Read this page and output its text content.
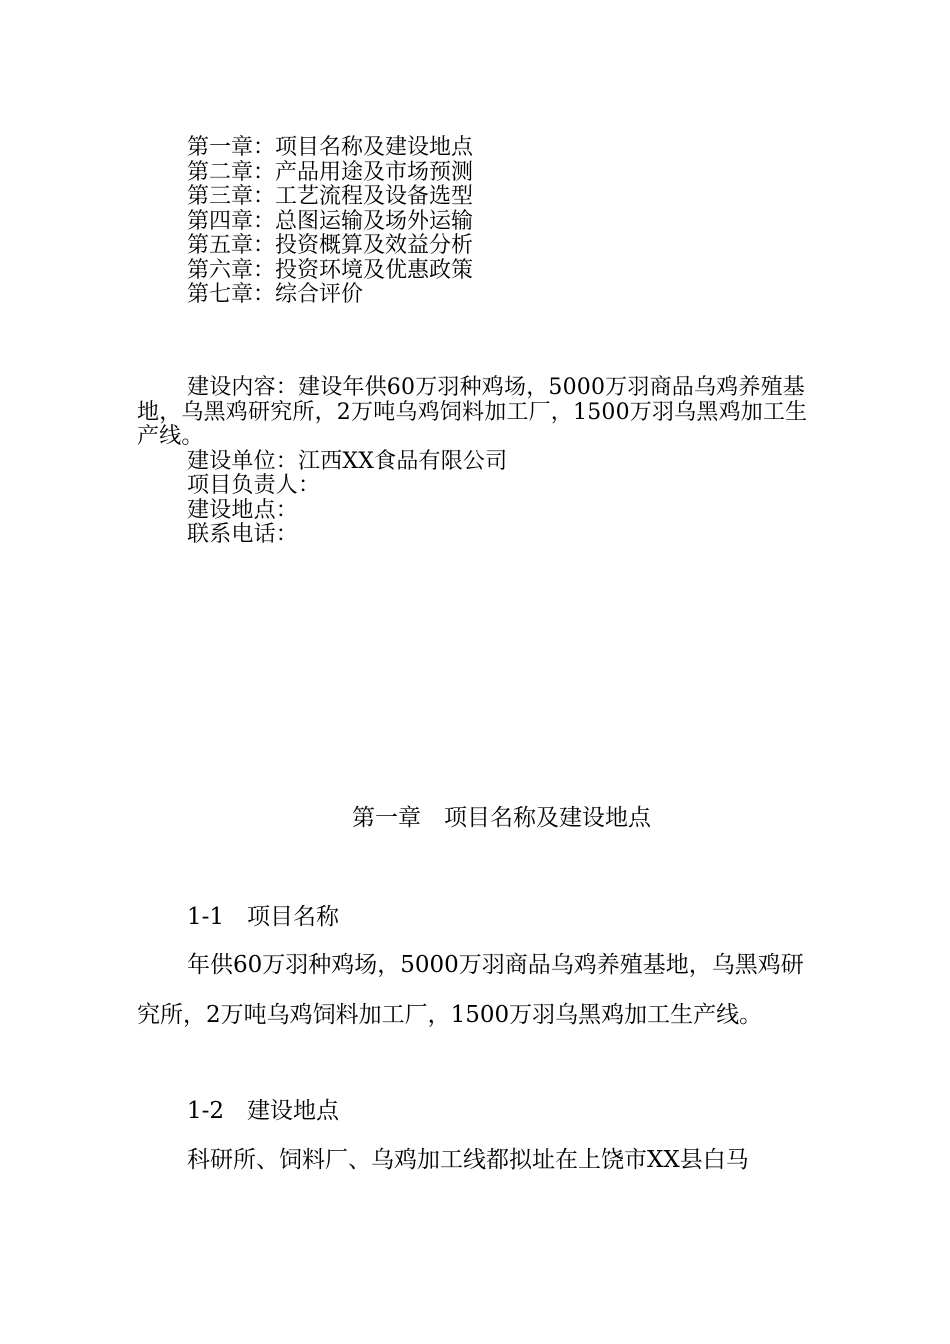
第一章：项目名称及建设地点
第二章：产品用途及市场预测
第三章：工艺流程及设备选型
第四章：总图运输及场外运输
第五章：投资概算及效益分析
第六章：投资环境及优惠政策
第七章：综合评价

建设内容：建设年供60万羽种鸡场，5000万羽商品乌鸡养殖基地，乌黑鸡研究所，2万吨乌鸡饲料加工厂，1500万羽乌黑鸡加工生产线。

建设单位：江西XX食品有限公司

项目负责人：

建设地点：

联系电话：

第一章　项目名称及建设地点
1-1　项目名称

年供60万羽种鸡场，5000万羽商品乌鸡养殖基地，乌黑鸡研究所，2万吨乌鸡饲料加工厂，1500万羽乌黑鸡加工生产线。

1-2　建设地点

科研所、饲料厂、乌鸡加工线都拟址在上饶市XX县白马
